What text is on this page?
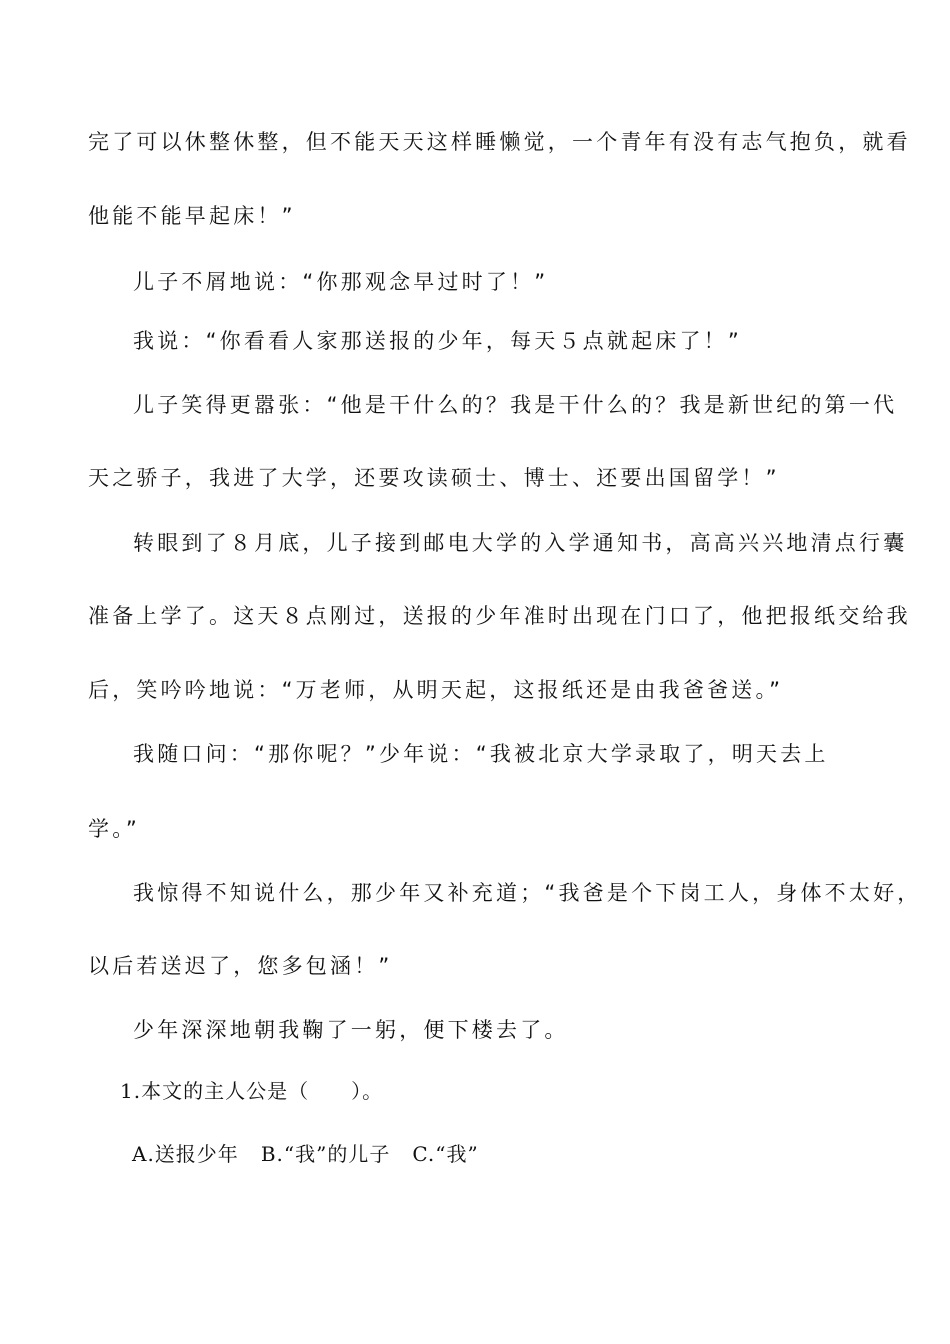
完了可以休整休整，但不能天天这样睡懒觉，一个青年有没有志气抱负，就看
他能不能早起床！”
儿子不屑地说：“你那观念早过时了！”
我说：“你看看人家那送报的少年，每天５点就起床了！”
儿子笑得更嚣张：“他是干什么的？我是干什么的？我是新世纪的第一代
天之骄子，我进了大学，还要攻读硕士、博士、还要出国留学！”
转眼到了８月底，儿子接到邮电大学的入学通知书，高高兴兴地清点行囊
准备上学了。这天８点刚过，送报的少年准时出现在门口了，他把报纸交给我
后，笑吟吟地说：“万老师，从明天起，这报纸还是由我爸爸送。”
我随口问：“那你呢？”少年说：“我被北京大学录取了，明天去上
学。”
我惊得不知说什么，那少年又补充道；“我爸是个下岗工人，身体不太好，
以后若送迟了，您多包涵！”
少年深深地朝我鞠了一躬，便下楼去了。
1.本文的主人公是（　　）。
A.送报少年 B.“我”的儿子 C.“我”
